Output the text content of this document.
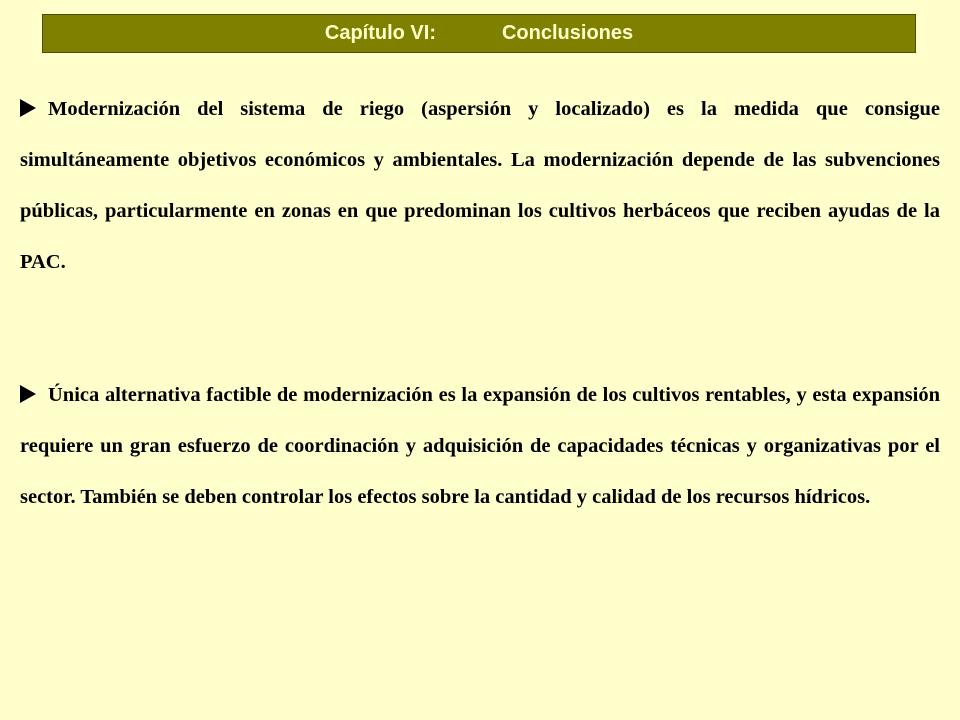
Capítulo VI:	Conclusiones

Modernización del sistema de riego (aspersión y localizado) es la medida que consigue simultáneamente objetivos económicos y ambientales. La modernización depende de las subvenciones públicas, particularmente en zonas en que predominan los cultivos herbáceos que reciben ayudas de la PAC.

Única alternativa factible de modernización es la expansión de los cultivos rentables, y esta expansión requiere un gran esfuerzo de coordinación y adquisición de capacidades técnicas y organizativas por el sector. También se deben controlar los efectos sobre la cantidad y calidad de los recursos hídricos.
